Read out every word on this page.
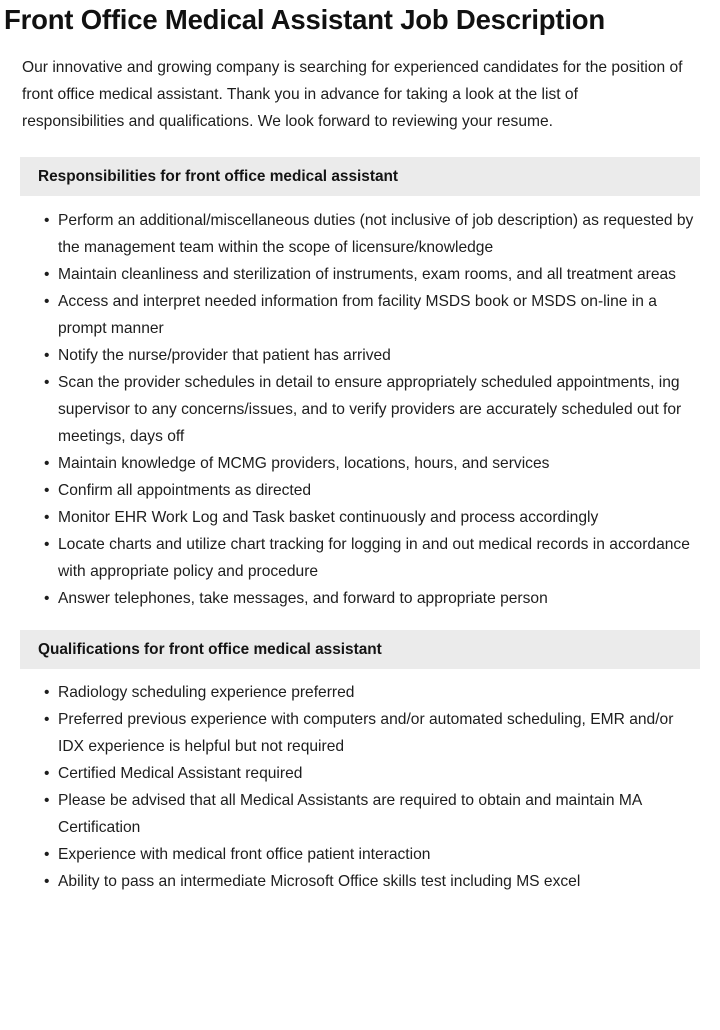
Front Office Medical Assistant Job Description

Our innovative and growing company is searching for experienced candidates for the position of front office medical assistant. Thank you in advance for taking a look at the list of responsibilities and qualifications. We look forward to reviewing your resume.

Responsibilities for front office medical assistant
• Perform an additional/miscellaneous duties (not inclusive of job description) as requested by the management team within the scope of licensure/knowledge
• Maintain cleanliness and sterilization of instruments, exam rooms, and all treatment areas
• Access and interpret needed information from facility MSDS book or MSDS on-line in a prompt manner
• Notify the nurse/provider that patient has arrived
• Scan the provider schedules in detail to ensure appropriately scheduled appointments, ing supervisor to any concerns/issues, and to verify providers are accurately scheduled out for meetings, days off
• Maintain knowledge of MCMG providers, locations, hours, and services
• Confirm all appointments as directed
• Monitor EHR Work Log and Task basket continuously and process accordingly
• Locate charts and utilize chart tracking for logging in and out medical records in accordance with appropriate policy and procedure
• Answer telephones, take messages, and forward to appropriate person
Qualifications for front office medical assistant
• Radiology scheduling experience preferred
• Preferred previous experience with computers and/or automated scheduling, EMR and/or IDX experience is helpful but not required
• Certified Medical Assistant required
• Please be advised that all Medical Assistants are required to obtain and maintain MA Certification
• Experience with medical front office patient interaction
• Ability to pass an intermediate Microsoft Office skills test including MS excel
